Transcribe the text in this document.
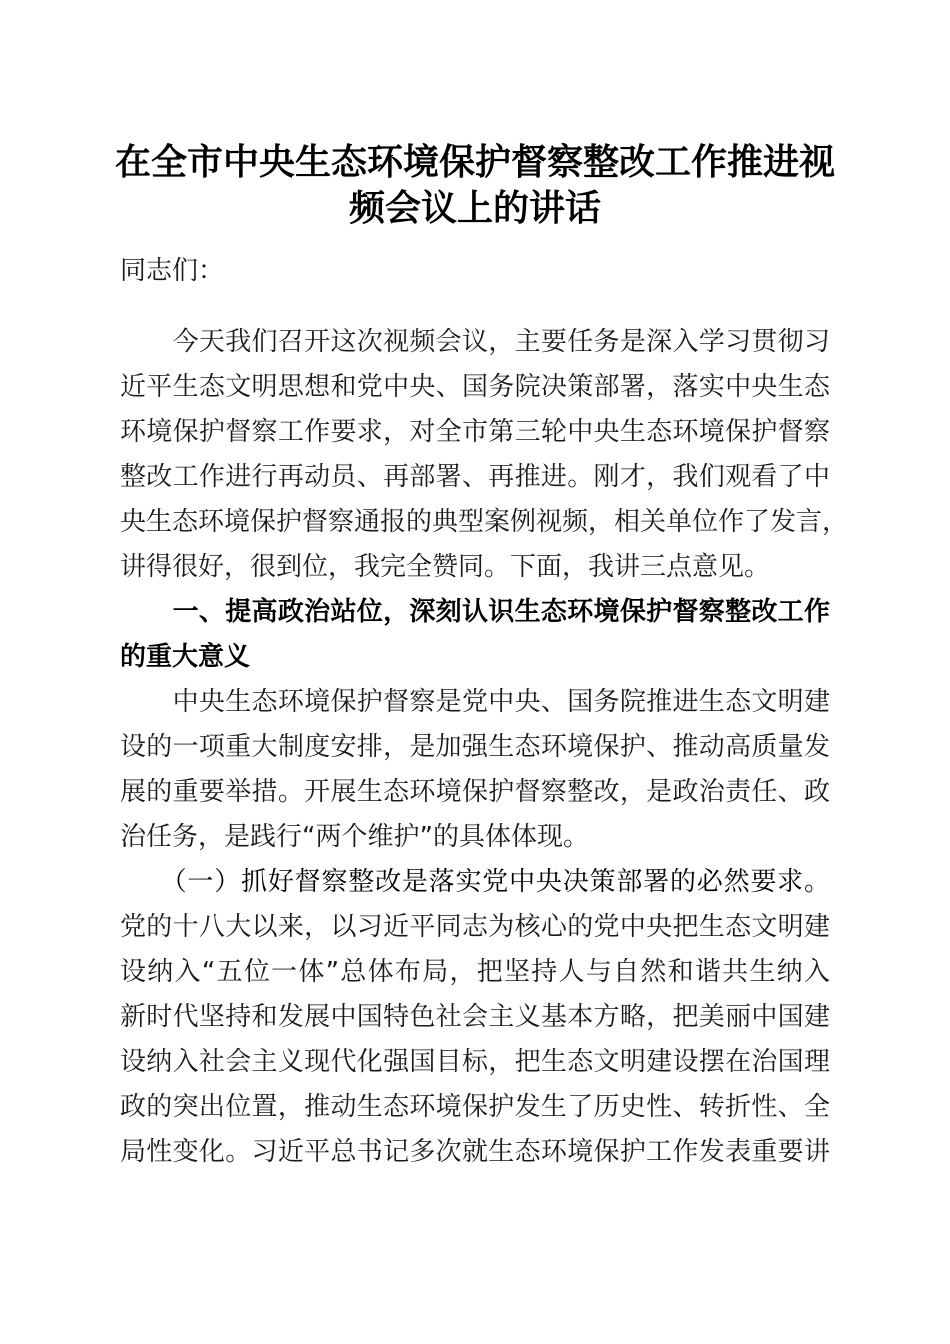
在全市中央生态环境保护督察整改工作推进视
频会议上的讲话
同志们：
　　今天我们召开这次视频会议，主要任务是深入学习贯彻习
近平生态文明思想和党中央、国务院决策部署，落实中央生态
环境保护督察工作要求，对全市第三轮中央生态环境保护督察
整改工作进行再动员、再部署、再推进。刚才，我们观看了中
央生态环境保护督察通报的典型案例视频，相关单位作了发言，
讲得很好，很到位，我完全赞同。下面，我讲三点意见。
　　一、提高政治站位，深刻认识生态环境保护督察整改工作
的重大意义
　　中央生态环境保护督察是党中央、国务院推进生态文明建
设的一项重大制度安排，是加强生态环境保护、推动高质量发
展的重要举措。开展生态环境保护督察整改，是政治责任、政
治任务，是践行“两个维护”的具体体现。
　　（一）抓好督察整改是落实党中央决策部署的必然要求。
党的十八大以来，以习近平同志为核心的党中央把生态文明建
设纳入“五位一体”总体布局，把坚持人与自然和谐共生纳入
新时代坚持和发展中国特色社会主义基本方略，把美丽中国建
设纳入社会主义现代化强国目标，把生态文明建设摆在治国理
政的突出位置，推动生态环境保护发生了历史性、转折性、全
局性变化。习近平总书记多次就生态环境保护工作发表重要讲
